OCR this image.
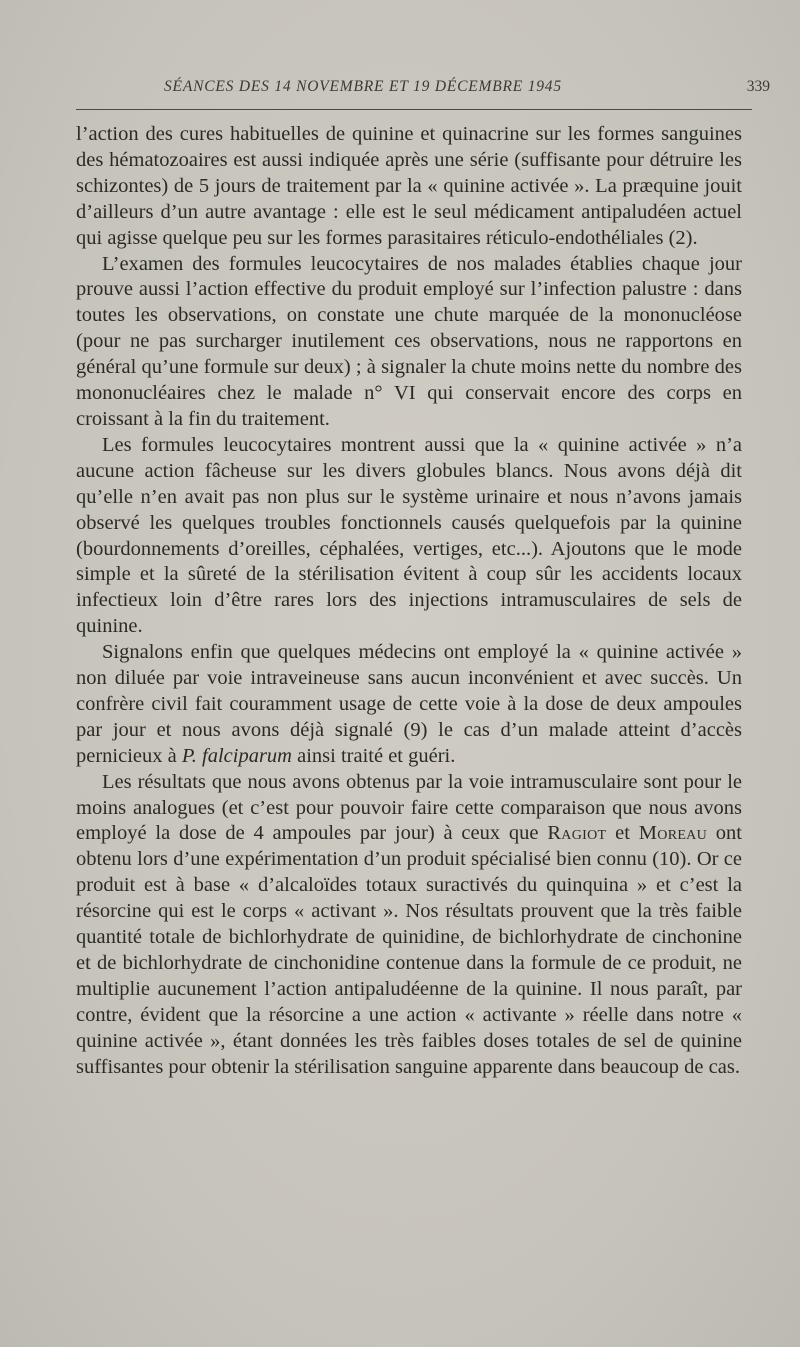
SÉANCES DES 14 NOVEMBRE ET 19 DÉCEMBRE 1945	339

l’action des cures habituelles de quinine et quinacrine sur les formes sanguines des hématozoaires est aussi indiquée après une série (suffisante pour détruire les schizontes) de 5 jours de traitement par la « quinine activée ». La præquine jouit d’ailleurs d’un autre avantage : elle est le seul médicament antipaludéen actuel qui agisse quelque peu sur les formes parasitaires réticulo-endothéliales (2).

L’examen des formules leucocytaires de nos malades établies chaque jour prouve aussi l’action effective du produit employé sur l’infection palustre : dans toutes les observations, on constate une chute marquée de la mononucléose (pour ne pas surcharger inutilement ces observations, nous ne rapportons en général qu’une formule sur deux) ; à signaler la chute moins nette du nombre des mononucléaires chez le malade n° VI qui conservait encore des corps en croissant à la fin du traitement.

Les formules leucocytaires montrent aussi que la « quinine activée » n’a aucune action fâcheuse sur les divers globules blancs. Nous avons déjà dit qu’elle n’en avait pas non plus sur le système urinaire et nous n’avons jamais observé les quelques troubles fonctionnels causés quelquefois par la quinine (bourdonnements d’oreilles, céphalées, vertiges, etc...). Ajoutons que le mode simple et la sûreté de la stérilisation évitent à coup sûr les accidents locaux infectieux loin d’être rares lors des injections intramusculaires de sels de quinine.

Signalons enfin que quelques médecins ont employé la « quinine activée » non diluée par voie intraveineuse sans aucun inconvénient et avec succès. Un confrère civil fait couramment usage de cette voie à la dose de deux ampoules par jour et nous avons déjà signalé (9) le cas d’un malade atteint d’accès pernicieux à P. falciparum ainsi traité et guéri.

Les résultats que nous avons obtenus par la voie intramusculaire sont pour le moins analogues (et c’est pour pouvoir faire cette comparaison que nous avons employé la dose de 4 ampoules par jour) à ceux que Ragiot et Moreau ont obtenu lors d’une expérimentation d’un produit spécialisé bien connu (10). Or ce produit est à base « d’alcaloïdes totaux suractivés du quinquina » et c’est la résorcine qui est le corps « activant ». Nos résultats prouvent que la très faible quantité totale de bichlorhydrate de quinidine, de bichlorhydrate de cinchonine et de bichlorhydrate de cinchonidine contenue dans la formule de ce produit, ne multiplie aucunement l’action antipaludéenne de la quinine. Il nous paraît, par contre, évident que la résorcine a une action « activante » réelle dans notre « quinine activée », étant données les très faibles doses totales de sel de quinine suffisantes pour obtenir la stérilisation sanguine apparente dans beaucoup de cas.
